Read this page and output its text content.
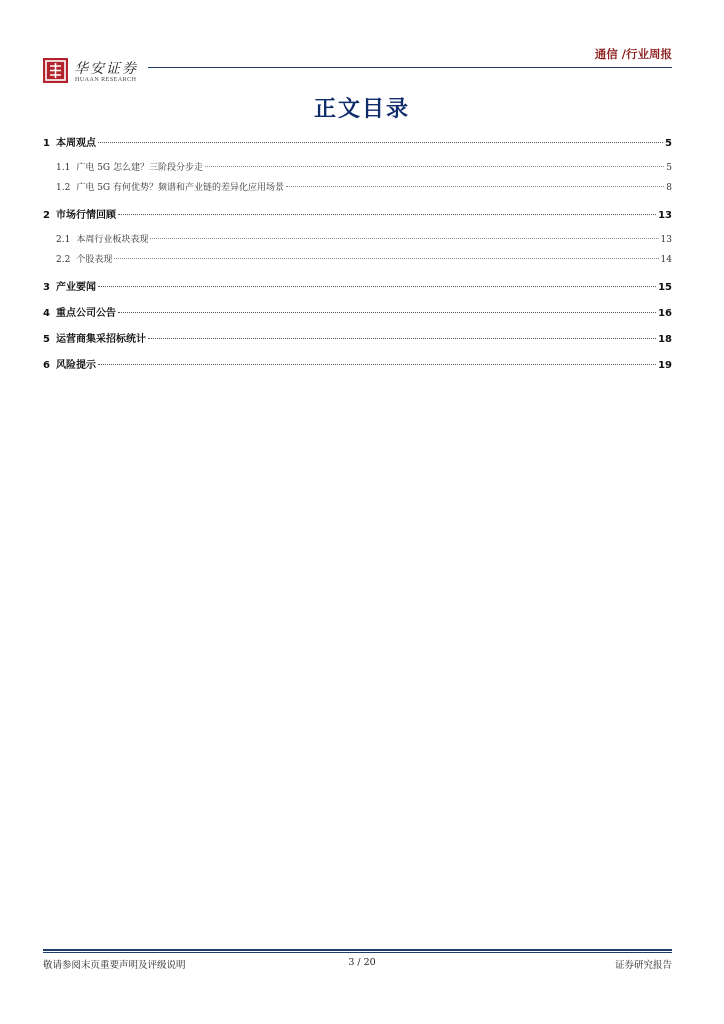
华安证券
HUAAN RESEARCH
通信 /行业周报
正文目录
1 本周观点	5
1.1 广电 5G 怎么建？三阶段分步走	5
1.2 广电 5G 有何优势？频谱和产业链的差异化应用场景	8
2 市场行情回顾	13
2.1 本周行业板块表现	13
2.2 个股表现	14
3 产业要闻	15
4 重点公司公告	16
5 运营商集采招标统计	18
6 风险提示	19
敬请参阅末页重要声明及评级说明	3 / 20	证券研究报告
